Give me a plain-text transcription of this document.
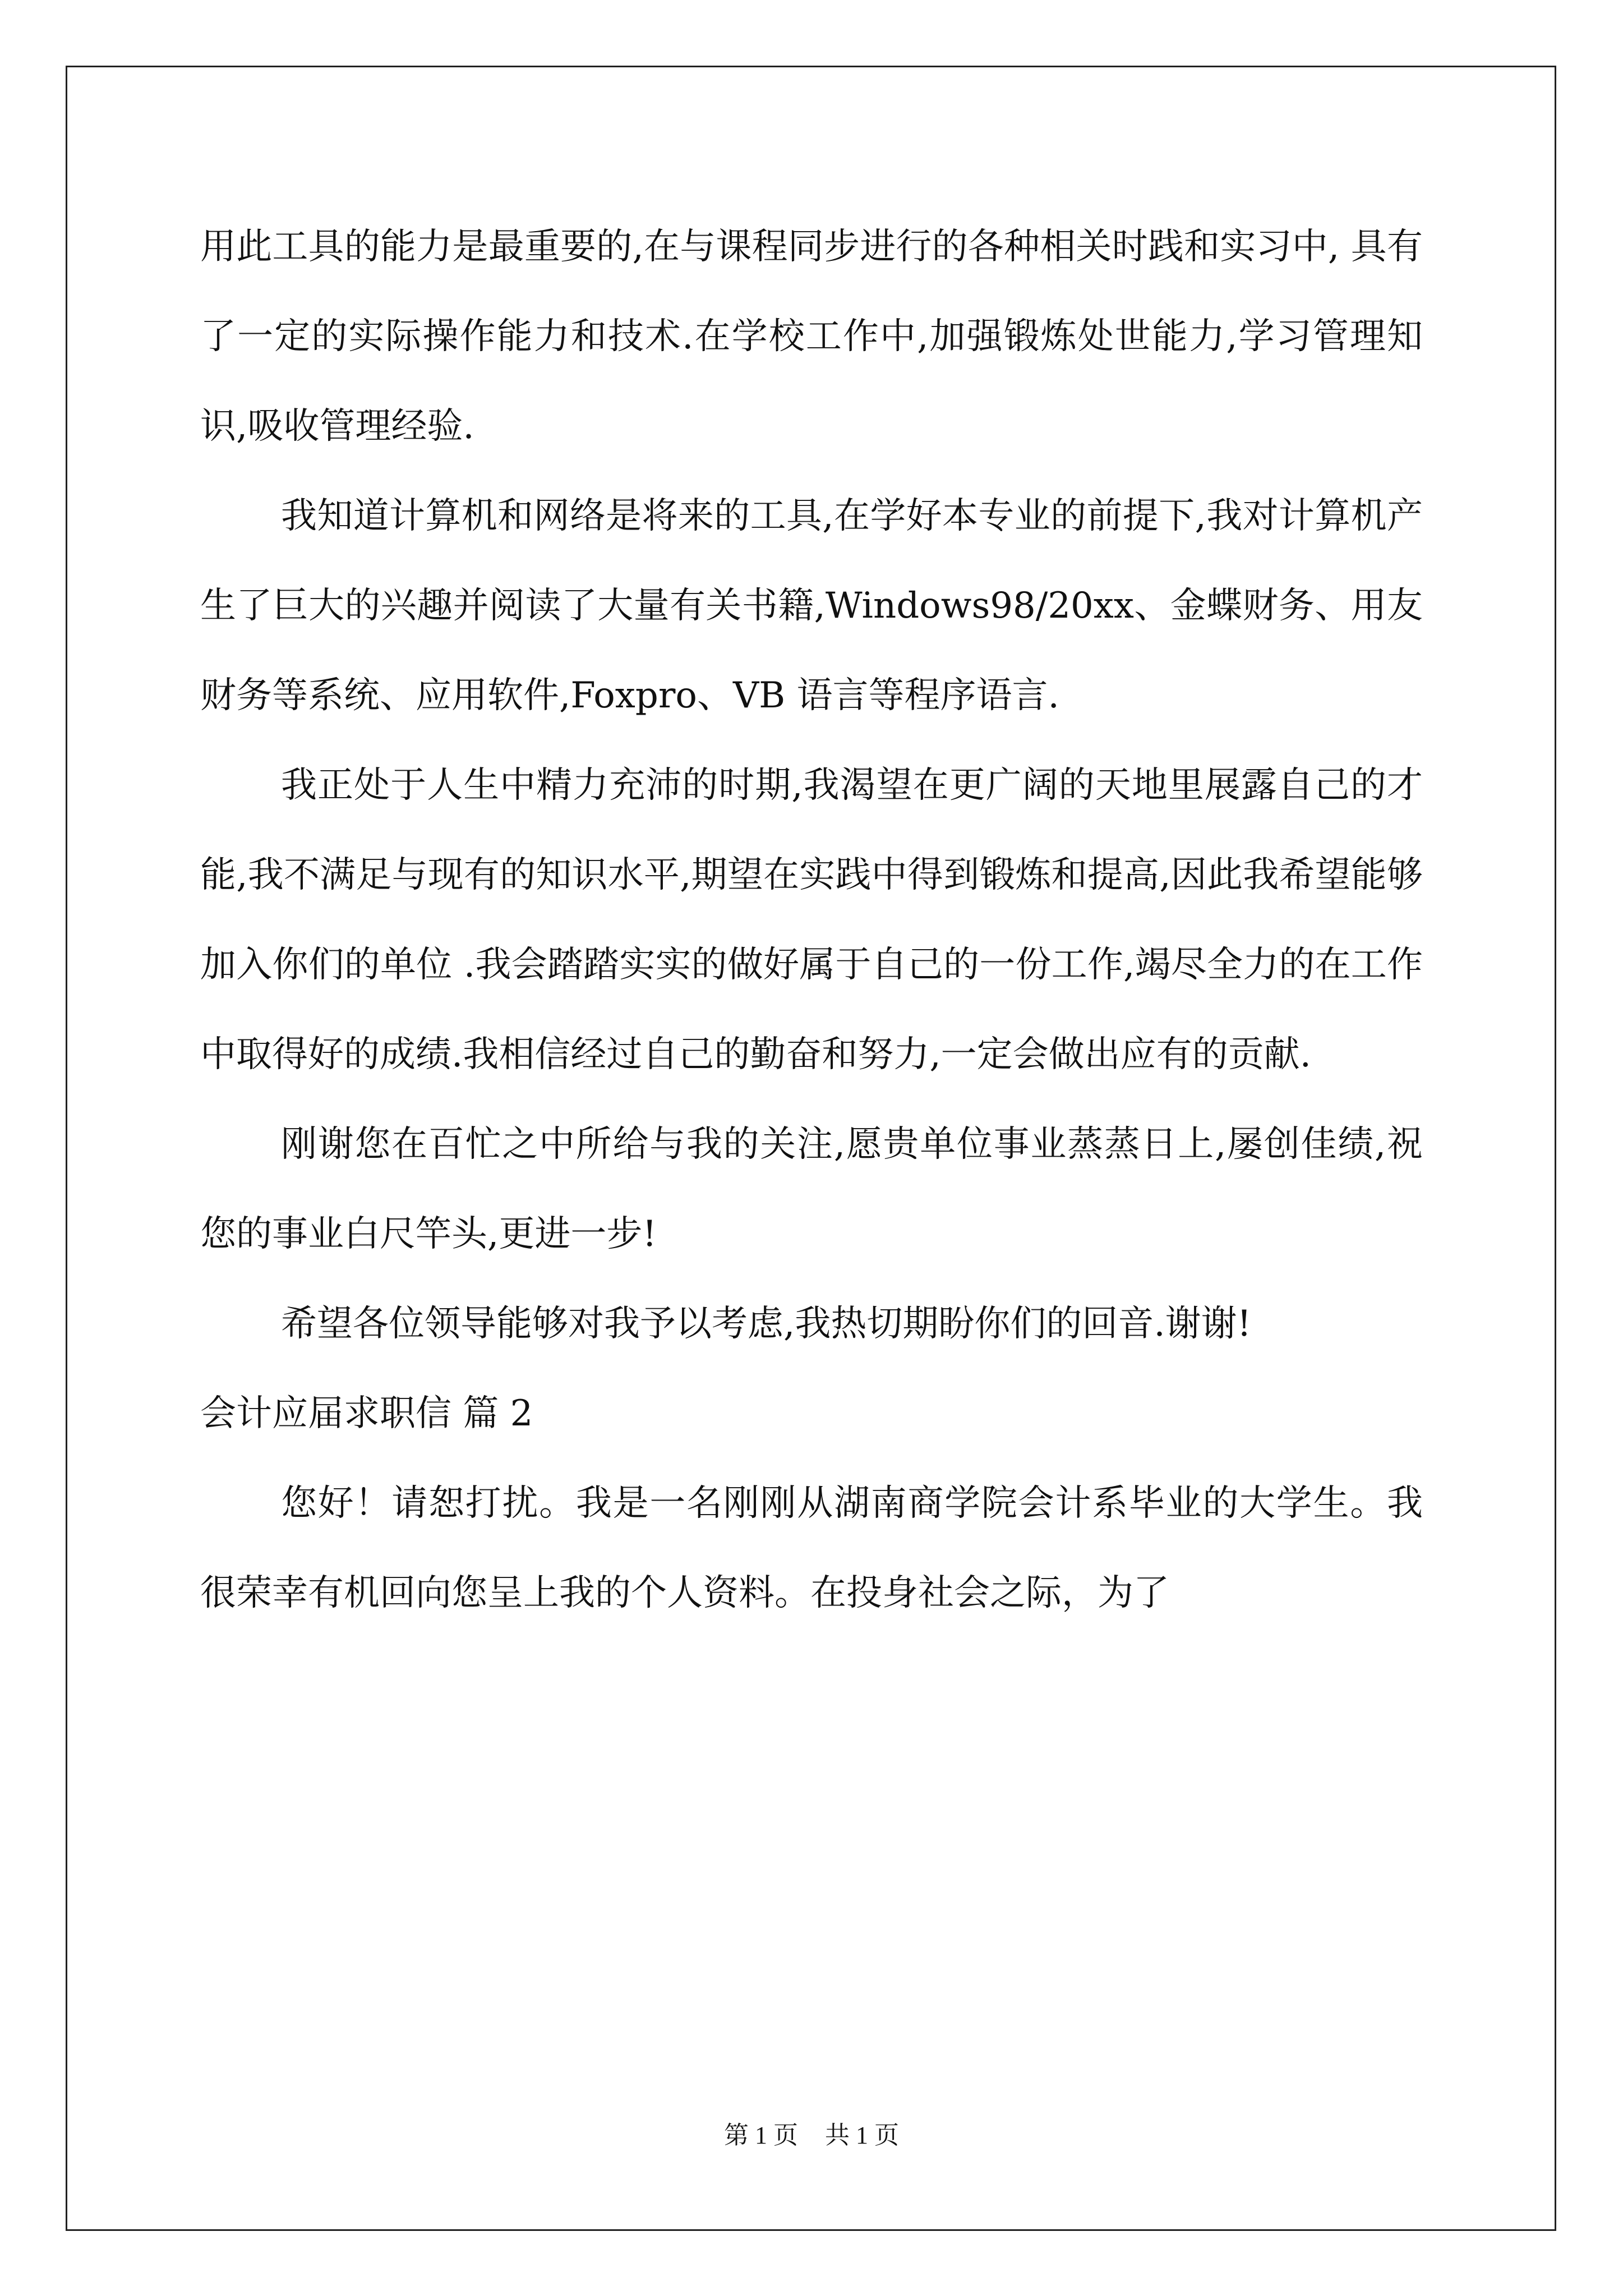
用此工具的能力是最重要的,在与课程同步进行的各种相关时践和实习中, 具有了一定的实际操作能力和技术.在学校工作中,加强锻炼处世能力,学习管理知识,吸收管理经验.

我知道计算机和网络是将来的工具,在学好本专业的前提下,我对计算机产生了巨大的兴趣并阅读了大量有关书籍,Windows98/20xx、金蝶财务、用友财务等系统、应用软件,Foxpro、VB 语言等程序语言.

我正处于人生中精力充沛的时期,我渴望在更广阔的天地里展露自己的才能,我不满足与现有的知识水平,期望在实践中得到锻炼和提高,因此我希望能够加入你们的单位 .我会踏踏实实的做好属于自己的一份工作,竭尽全力的在工作中取得好的成绩.我相信经过自己的勤奋和努力,一定会做出应有的贡献.

刚谢您在百忙之中所给与我的关注,愿贵单位事业蒸蒸日上,屡创佳绩,祝您的事业白尺竿头,更进一步!

希望各位领导能够对我予以考虑,我热切期盼你们的回音.谢谢!

会计应届求职信 篇 2

您好！请恕打扰。我是一名刚刚从湖南商学院会计系毕业的大学生。我很荣幸有机回向您呈上我的个人资料。在投身社会之际，为了

第 1 页 共 1 页
